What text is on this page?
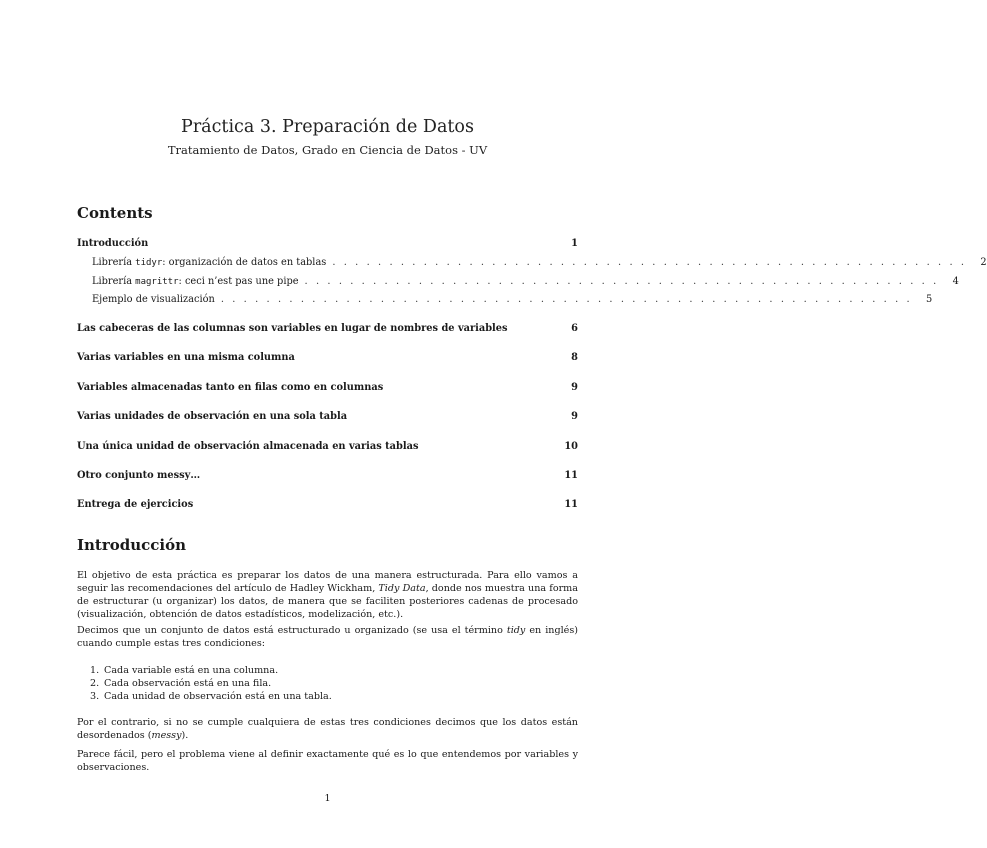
Práctica 3. Preparación de Datos
Tratamiento de Datos, Grado en Ciencia de Datos - UV
Contents
Introducción	1
Librería tidyr: organización de datos en tablas . . . . . . . . . . . . . . . . . . . . . . . . . . . . . . . . . . . . . . . . . . . . . . . . . . . . . . . .	2
Librería magrittr: ceci n’est pas une pipe . . . . . . . . . . . . . . . . . . . . . . . . . . . . . . . . . . . . . . . . . . . . . . . . . . . . . . . .	4
Ejemplo de visualización . . . . . . . . . . . . . . . . . . . . . . . . . . . . . . . . . . . . . . . . . . . . . . . . . . . . . . . . . . . . .	5
Las cabeceras de las columnas son variables en lugar de nombres de variables	6
Varias variables en una misma columna	8
Variables almacenadas tanto en filas como en columnas	9
Varias unidades de observación en una sola tabla	9
Una única unidad de observación almacenada en varias tablas	10
Otro conjunto messy…	11
Entrega de ejercicios	11
Introducción

El objetivo de esta práctica es preparar los datos de una manera estructurada. Para ello vamos a seguir las recomendaciones del artículo de Hadley Wickham, Tidy Data, donde nos muestra una forma de estructurar (u organizar) los datos, de manera que se faciliten posteriores cadenas de procesado (visualización, obtención de datos estadísticos, modelización, etc.).

Decimos que un conjunto de datos está estructurado u organizado (se usa el término tidy en inglés) cuando cumple estas tres condiciones:

1. Cada variable está en una columna.
2. Cada observación está en una fila.
3. Cada unidad de observación está en una tabla.

Por el contrario, si no se cumple cualquiera de estas tres condiciones decimos que los datos están desordenados (messy).

Parece fácil, pero el problema viene al definir exactamente qué es lo que entendemos por variables y observaciones.

1
